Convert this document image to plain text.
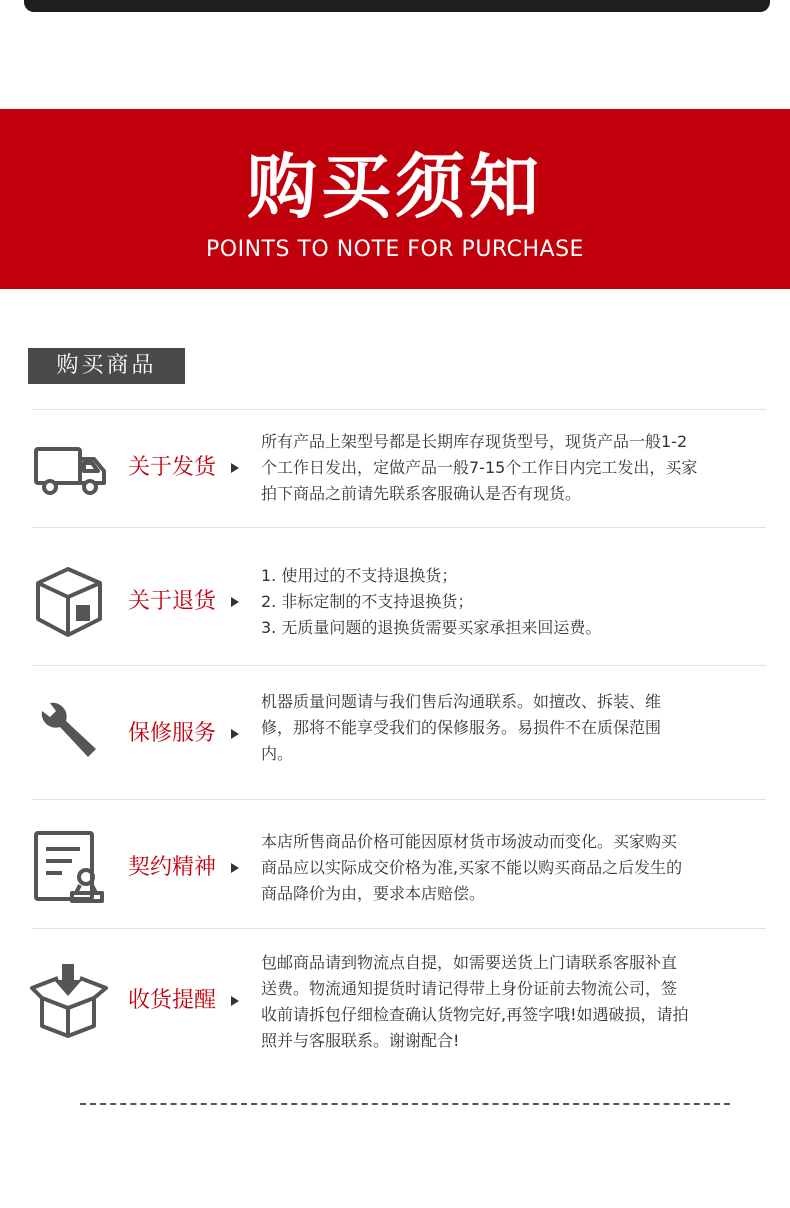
购买须知
POINTS TO NOTE FOR PURCHASE
购买商品
关于发货
所有产品上架型号都是长期库存现货型号，现货产品一般1-2
个工作日发出，定做产品一般7-15个工作日内完工发出，买家
拍下商品之前请先联系客服确认是否有现货。
关于退货
1. 使用过的不支持退换货；
2. 非标定制的不支持退换货；
3. 无质量问题的退换货需要买家承担来回运费。
保修服务
机器质量问题请与我们售后沟通联系。如擅改、拆装、维
修，那将不能享受我们的保修服务。易损件不在质保范围
内。
契约精神
本店所售商品价格可能因原材货市场波动而变化。买家购买
商品应以实际成交价格为准,买家不能以购买商品之后发生的
商品降价为由，要求本店赔偿。
收货提醒
包邮商品请到物流点自提，如需要送货上门请联系客服补直
送费。物流通知提货时请记得带上身份证前去物流公司，签
收前请拆包仔细检查确认货物完好,再签字哦!如遇破损，请拍
照并与客服联系。谢谢配合!
